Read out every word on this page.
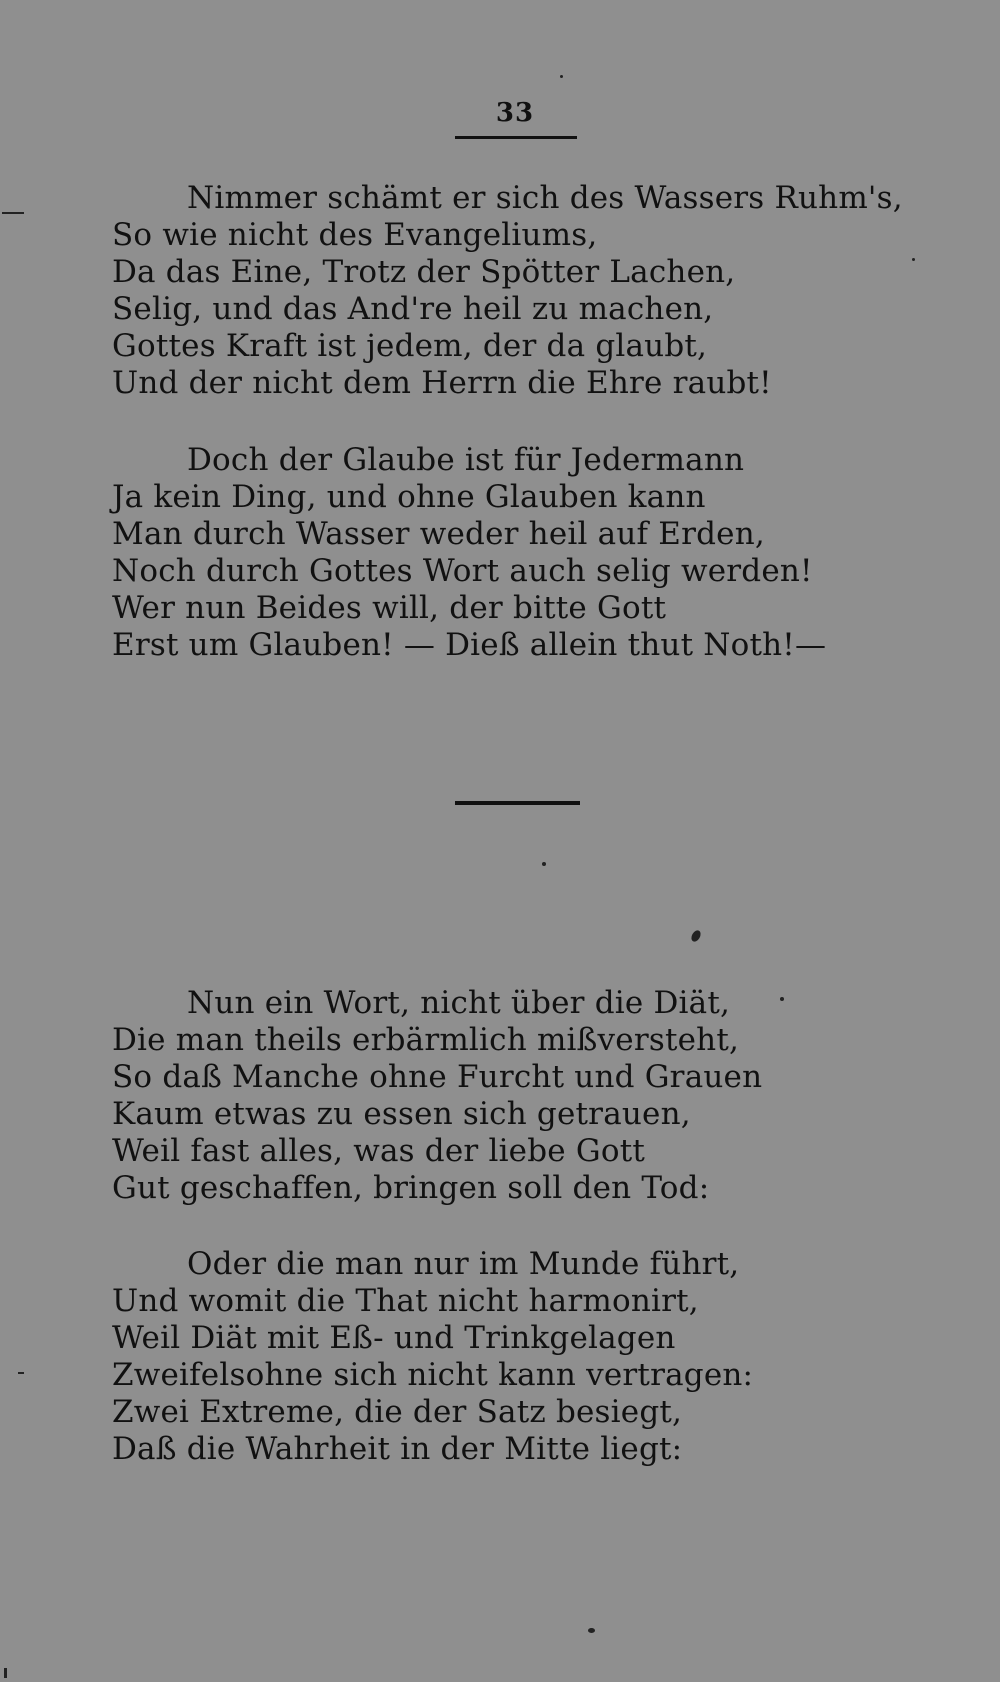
33
Nimmer schämt er sich des Wassers Ruhm's,
So wie nicht des Evangeliums,
Da das Eine, Trotz der Spötter Lachen,
Selig, und das And're heil zu machen,
Gottes Kraft ist jedem, der da glaubt,
Und der nicht dem Herrn die Ehre raubt!
Doch der Glaube ist für Jedermann
Ja kein Ding, und ohne Glauben kann
Man durch Wasser weder heil auf Erden,
Noch durch Gottes Wort auch selig werden!
Wer nun Beides will, der bitte Gott
Erst um Glauben! — Dieß allein thut Noth!—
Nun ein Wort, nicht über die Diät,
Die man theils erbärmlich mißversteht,
So daß Manche ohne Furcht und Grauen
Kaum etwas zu essen sich getrauen,
Weil fast alles, was der liebe Gott
Gut geschaffen, bringen soll den Tod:
Oder die man nur im Munde führt,
Und womit die That nicht harmonirt,
Weil Diät mit Eß- und Trinkgelagen
Zweifelsohne sich nicht kann vertragen:
Zwei Extreme, die der Satz besiegt,
Daß die Wahrheit in der Mitte liegt:
